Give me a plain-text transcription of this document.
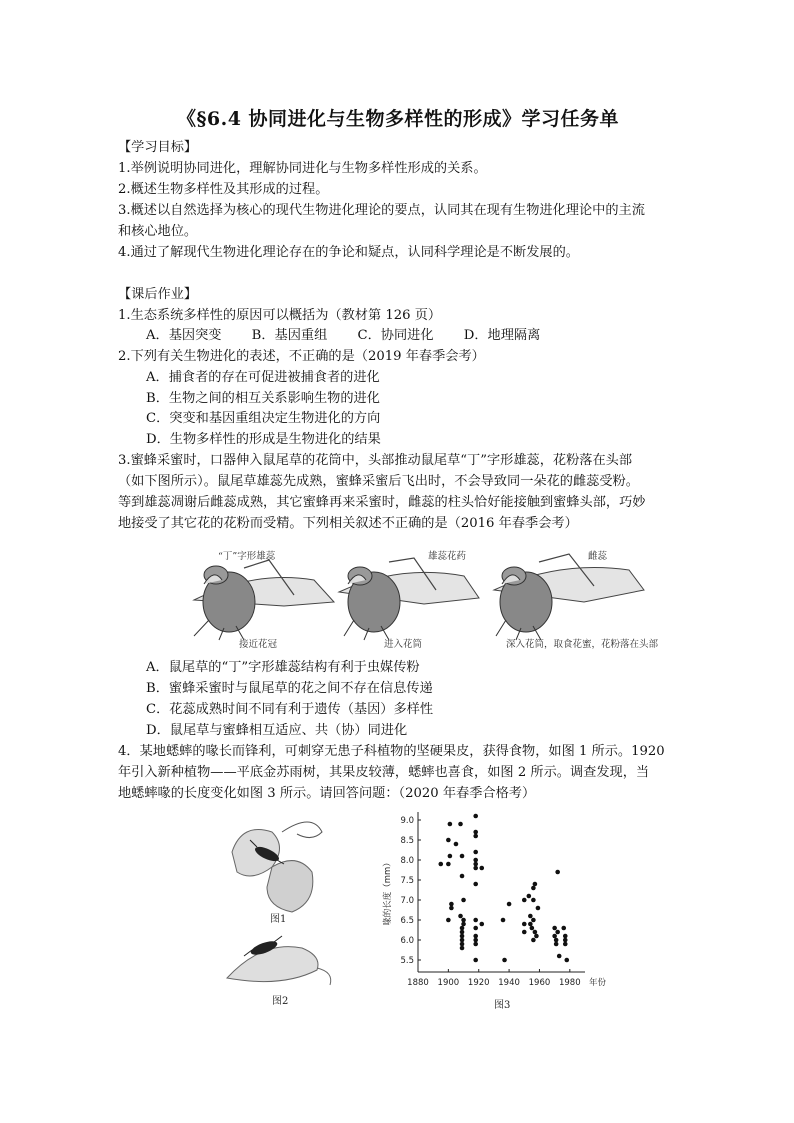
《§6.4 协同进化与生物多样性的形成》学习任务单
【学习目标】
1.举例说明协同进化，理解协同进化与生物多样性形成的关系。
2.概述生物多样性及其形成的过程。
3.概述以自然选择为核心的现代生物进化理论的要点，认同其在现有生物进化理论中的主流
和核心地位。
4.通过了解现代生物进化理论存在的争论和疑点，认同科学理论是不断发展的。
【课后作业】
1.生态系统多样性的原因可以概括为（教材第 126 页）
A．基因突变 B．基因重组 C．协同进化 D．地理隔离
2.下列有关生物进化的表述，不正确的是（2019 年春季会考）
A．捕食者的存在可促进被捕食者的进化
B．生物之间的相互关系影响生物的进化
C．突变和基因重组决定生物进化的方向
D．生物多样性的形成是生物进化的结果
3.蜜蜂采蜜时，口器伸入鼠尾草的花筒中，头部推动鼠尾草“丁”字形雄蕊，花粉落在头部
（如下图所示）。鼠尾草雄蕊先成熟，蜜蜂采蜜后飞出时，不会导致同一朵花的雌蕊受粉。
等到雄蕊凋谢后雌蕊成熟，其它蜜蜂再来采蜜时，雌蕊的柱头恰好能接触到蜜蜂头部，巧妙
地接受了其它花的花粉而受精。下列相关叙述不正确的是（2016 年春季会考）
“丁”字形雄蕊	雄蕊花药	雌蕊
接近花冠	进入花筒	深入花筒，取食花蜜，花粉落在头部
A．鼠尾草的“丁”字形雄蕊结构有利于虫媒传粉
B．蜜蜂采蜜时与鼠尾草的花之间不存在信息传递
C．花蕊成熟时间不同有利于遗传（基因）多样性
D．鼠尾草与蜜蜂相互适应、共（协）同进化
4．某地蟋蟀的喙长而锋利，可刺穿无患子科植物的坚硬果皮，获得食物，如图 1 所示。1920
年引入新种植物——平底金苏雨树，其果皮较薄，蟋蟀也喜食，如图 2 所示。调查发现，当
地蟋蟀喙的长度变化如图 3 所示。请回答问题：（2020 年春季合格考）
图1
图2
1880 1900 1920 1940 1960 1980
5.5
6.0
6.5
7.0
7.5
8.0
8.5
9.0
年份
喙的长度（mm）
图3
